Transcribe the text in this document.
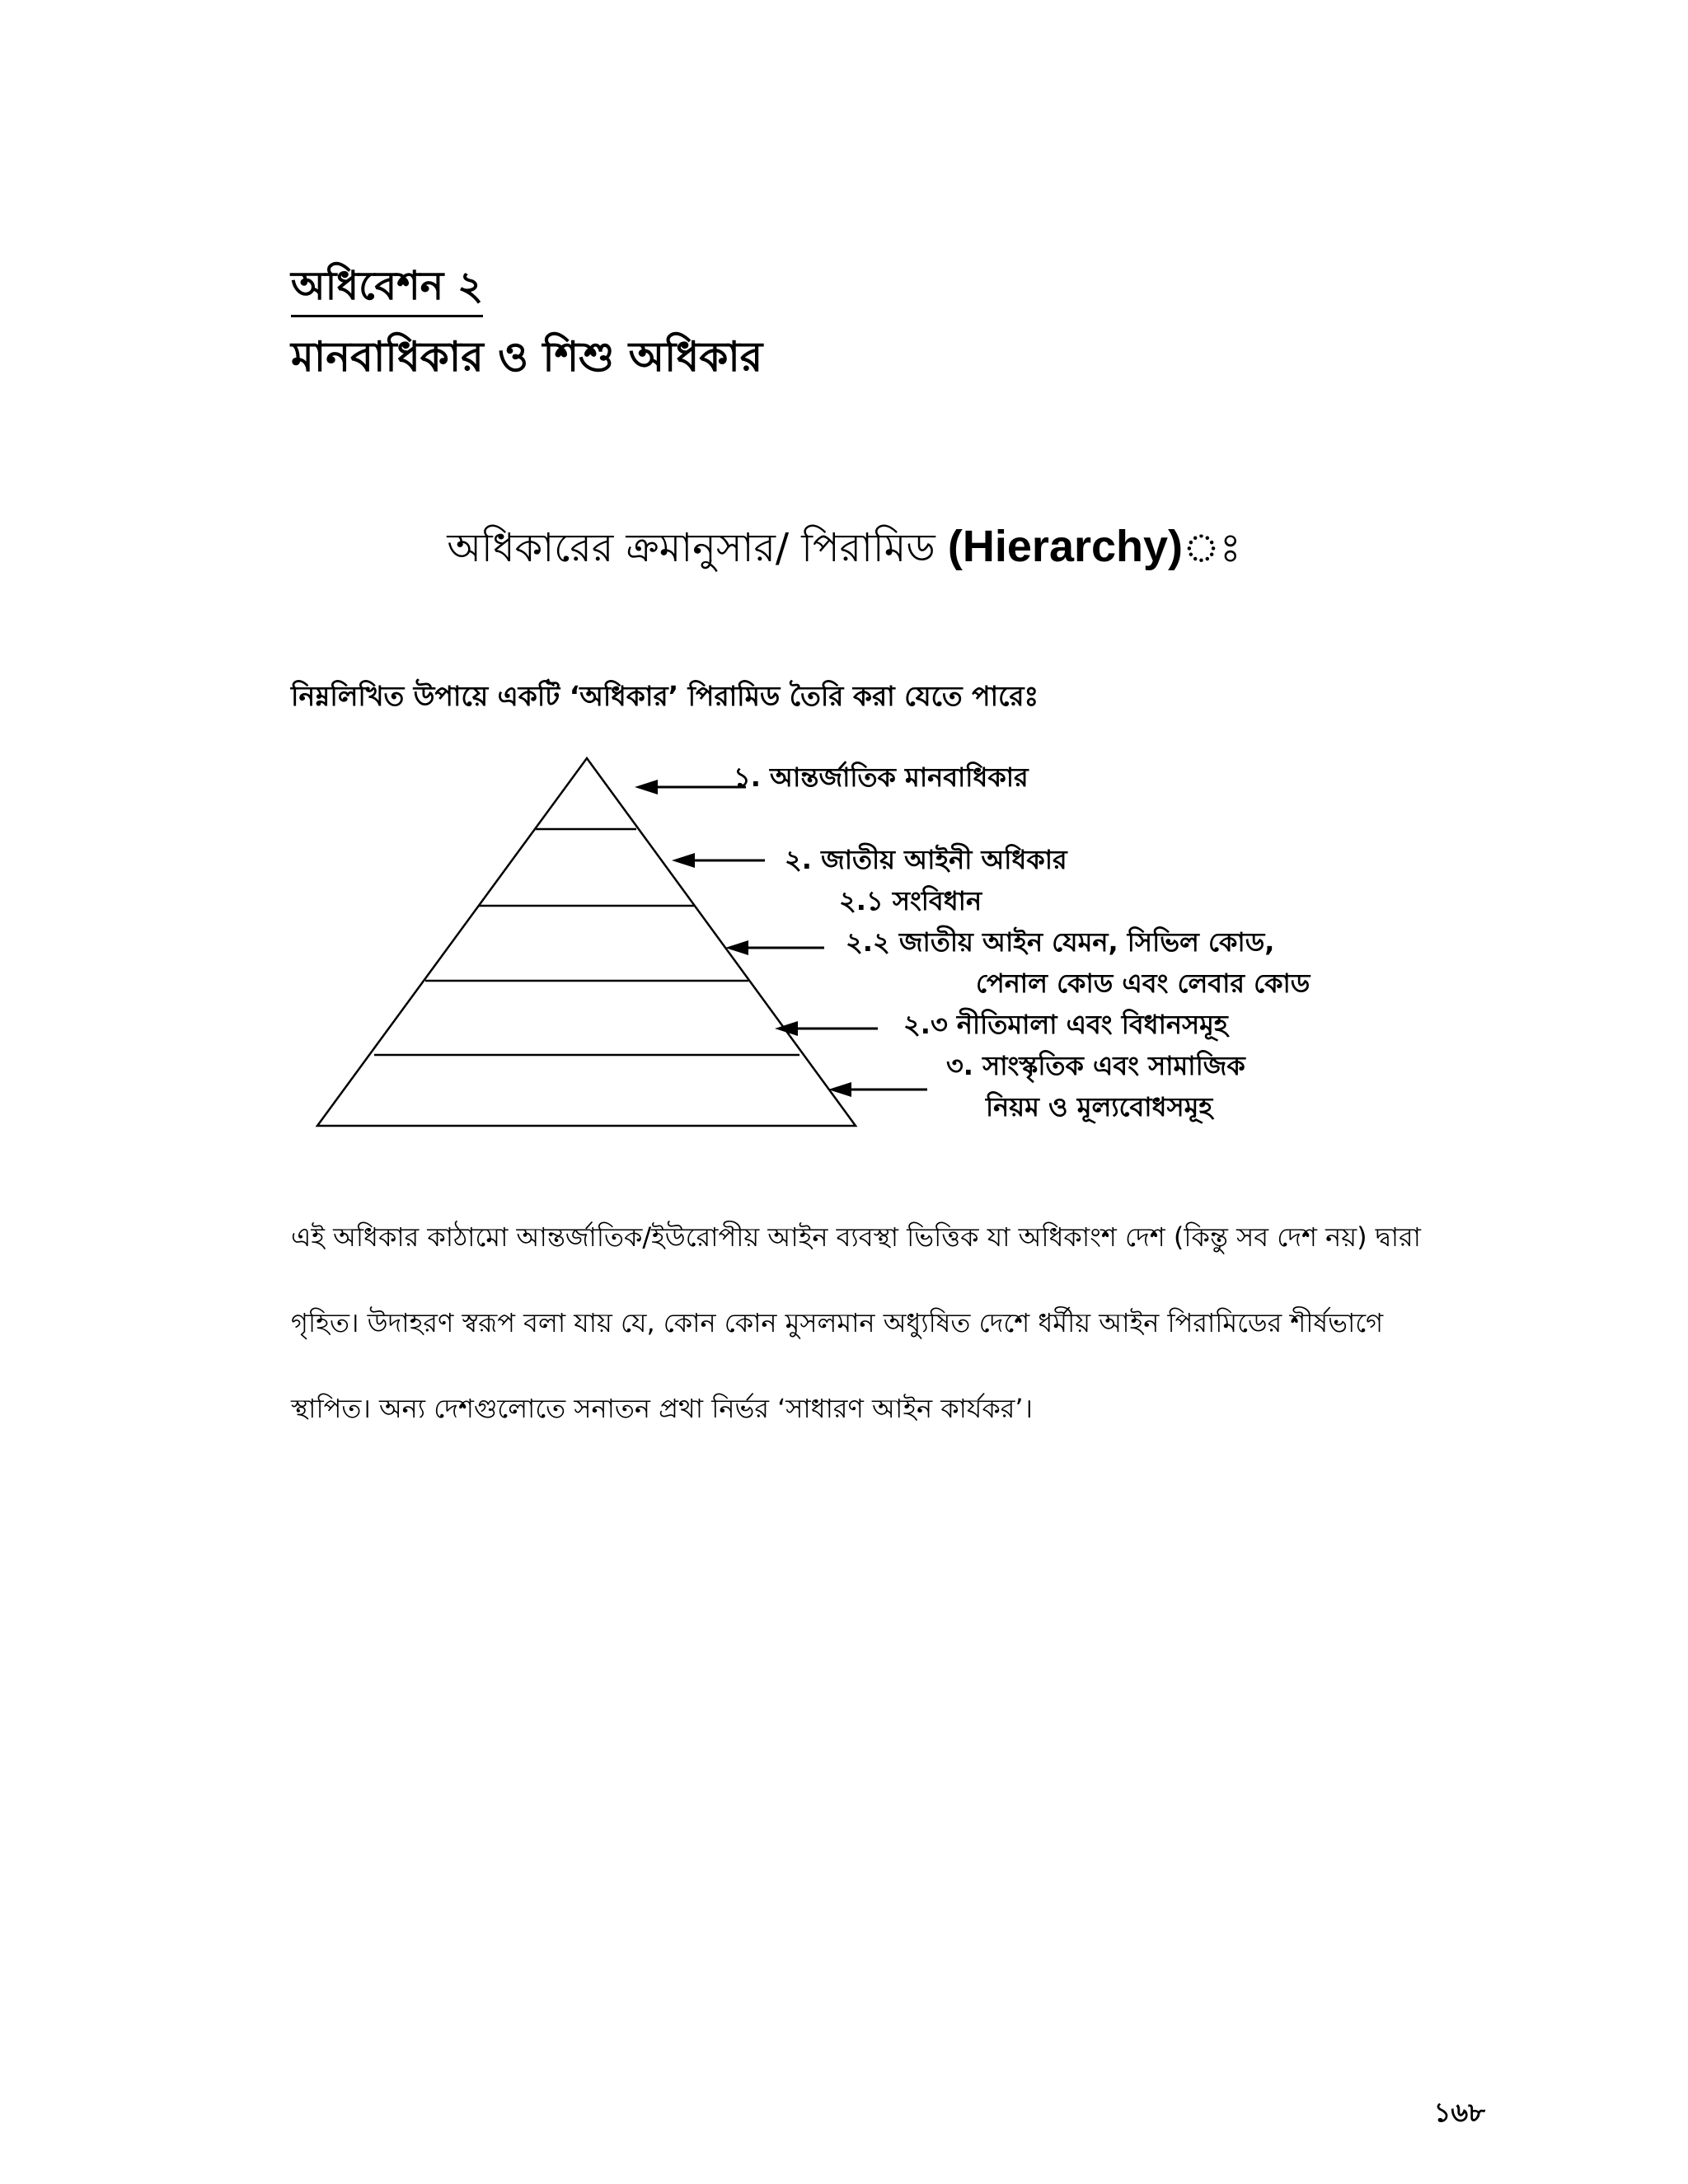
অধিবেশন ২
মানবাধিকার ও শিশু অধিকার
অধিকারের ক্রমানুসার/ পিরামিড (Hierarchy)ঃ
নিম্নলিখিত উপায়ে একটি ‘অধিকার’ পিরামিড তৈরি করা যেতে পারেঃ
১. আন্তর্জাতিক মানবাধিকার
২. জাতীয় আইনী অধিকার
২.১ সংবিধান
২.২ জাতীয় আইন যেমন, সিভিল কোড,
পেনাল কোড এবং লেবার কোড
২.৩ নীতিমালা এবং বিধানসমূহ
৩. সাংস্কৃতিক এবং সামাজিক
নিয়ম ও মূল্যবোধসমূহ
এই অধিকার কাঠামো আন্তর্জাতিক/ইউরোপীয় আইন ব্যবস্থা ভিত্তিক যা অধিকাংশ দেশ (কিন্তু সব দেশ নয়) দ্বারা
গৃহিত। উদাহরণ স্বরূপ বলা যায় যে, কোন কোন মুসলমান অধ্যুষিত দেশে ধর্মীয় আইন পিরামিডের শীর্ষভাগে
স্থাপিত। অন্য দেশগুলোতে সনাতন প্রথা নির্ভর ‘সাধারণ আইন কার্যকর’।
১৬৮
